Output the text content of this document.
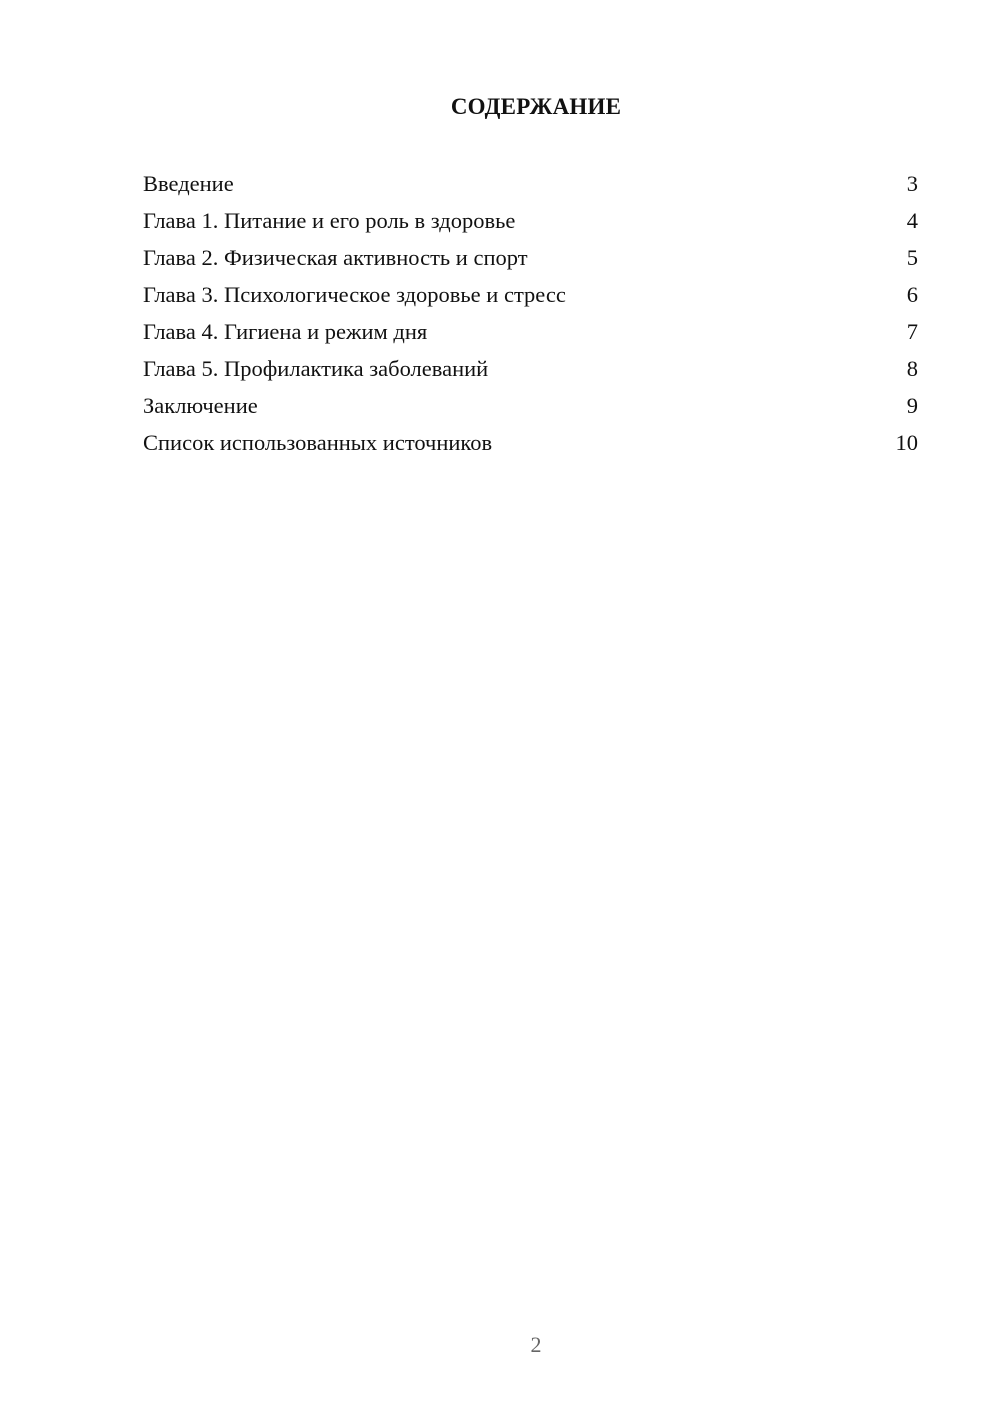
СОДЕРЖАНИЕ
Введение	3
Глава 1. Питание и его роль в здоровье	4
Глава 2. Физическая активность и спорт	5
Глава 3. Психологическое здоровье и стресс	6
Глава 4. Гигиена и режим дня	7
Глава 5. Профилактика заболеваний	8
Заключение	9
Список использованных источников	10
2
